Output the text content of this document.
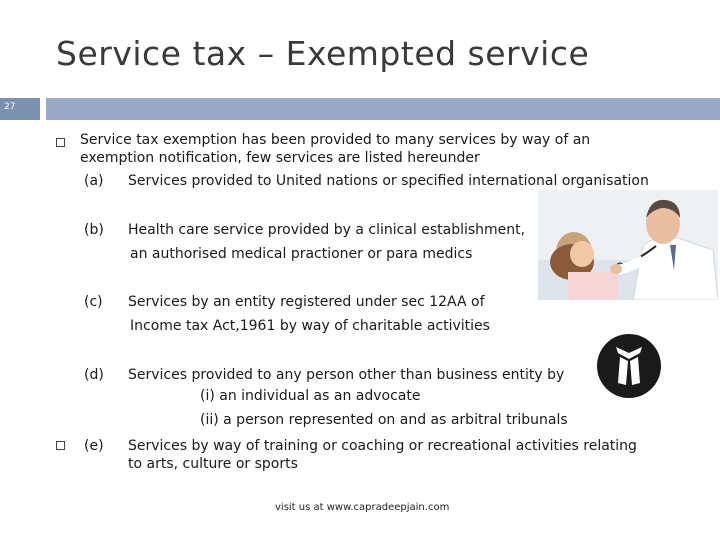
Service tax – Exempted service
27
Service tax exemption has been provided to many services by way of an
exemption notification, few services are listed hereunder
(a) Services provided to United nations or specified international organisation
(b) Health care service provided by a clinical establishment,
an authorised medical practioner or para medics
(c) Services by an entity registered under sec 12AA of
Income tax Act,1961 by way of charitable activities
(d) Services provided to any person other than business entity by
(i) an individual as an advocate
(ii) a person represented on and as arbitral tribunals
(e) Services by way of training or coaching or recreational activities relating
to arts, culture or sports
visit us at www.capradeepjain.com
